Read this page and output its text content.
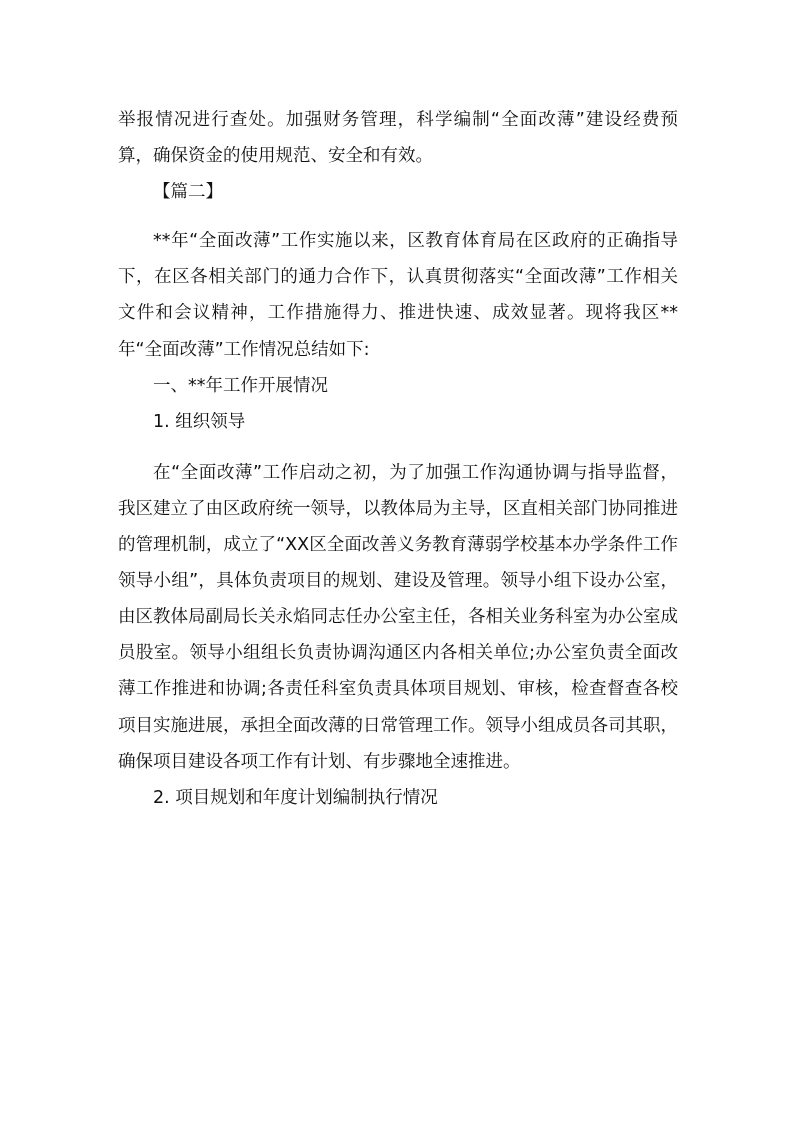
举报情况进行查处。加强财务管理，科学编制“全面改薄”建设经费预算，确保资金的使用规范、安全和有效。

【篇二】

**年“全面改薄”工作实施以来，区教育体育局在区政府的正确指导下，在区各相关部门的通力合作下，认真贯彻落实“全面改薄”工作相关文件和会议精神，工作措施得力、推进快速、成效显著。现将我区**年“全面改薄”工作情况总结如下:

一、**年工作开展情况

1. 组织领导

在“全面改薄”工作启动之初，为了加强工作沟通协调与指导监督，我区建立了由区政府统一领导，以教体局为主导，区直相关部门协同推进的管理机制，成立了“XX区全面改善义务教育薄弱学校基本办学条件工作领导小组”，具体负责项目的规划、建设及管理。领导小组下设办公室，由区教体局副局长关永焰同志任办公室主任，各相关业务科室为办公室成员股室。领导小组组长负责协调沟通区内各相关单位;办公室负责全面改薄工作推进和协调;各责任科室负责具体项目规划、审核，检查督查各校项目实施进展，承担全面改薄的日常管理工作。领导小组成员各司其职，确保项目建设各项工作有计划、有步骤地全速推进。

2. 项目规划和年度计划编制执行情况
